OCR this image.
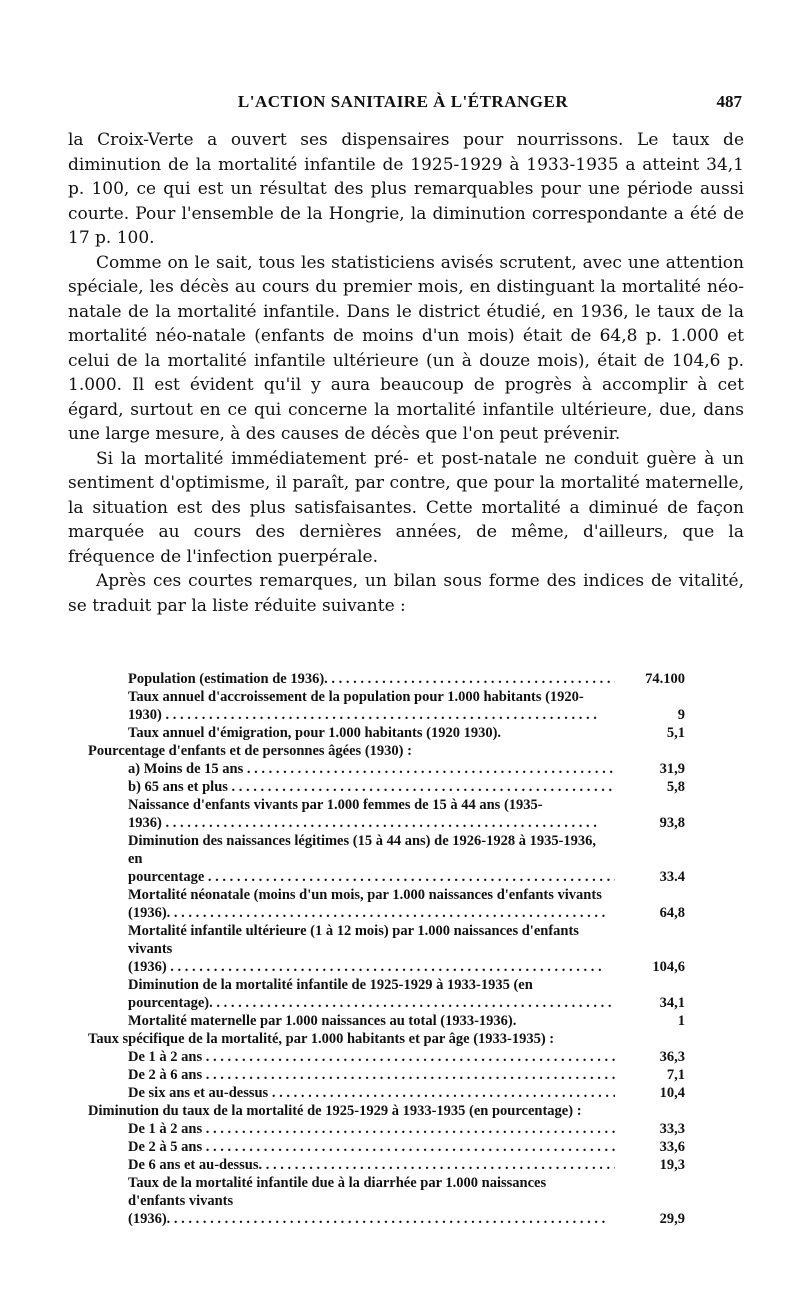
L'ACTION SANITAIRE À L'ÉTRANGER	487

la Croix-Verte a ouvert ses dispensaires pour nourrissons. Le taux de diminution de la mortalité infantile de 1925-1929 à 1933-1935 a atteint 34,1 p. 100, ce qui est un résultat des plus remarquables pour une période aussi courte. Pour l'ensemble de la Hongrie, la diminution correspondante a été de 17 p. 100.

Comme on le sait, tous les statisticiens avisés scrutent, avec une attention spéciale, les décès au cours du premier mois, en distinguant la mortalité néo-natale de la mortalité infantile. Dans le district étudié, en 1936, le taux de la mortalité néo-natale (enfants de moins d'un mois) était de 64,8 p. 1.000 et celui de la mortalité infantile ultérieure (un à douze mois), était de 104,6 p. 1.000. Il est évident qu'il y aura beaucoup de progrès à accomplir à cet égard, surtout en ce qui concerne la mortalité infantile ultérieure, due, dans une large mesure, à des causes de décès que l'on peut prévenir.

Si la mortalité immédiatement pré- et post-natale ne conduit guère à un sentiment d'optimisme, il paraît, par contre, que pour la mortalité maternelle, la situation est des plus satisfaisantes. Cette mortalité a diminué de façon marquée au cours des dernières années, de même, d'ailleurs, que la fréquence de l'infection puerpérale.

Après ces courtes remarques, un bilan sous forme des indices de vitalité, se traduit par la liste réduite suivante :

Population (estimation de 1936). . . .	74.100
Taux annuel d'accroissement de la population pour 1.000 habitants (1920-1930) . . .	9
Taux annuel d'émigration, pour 1.000 habitants (1920 1930).	5,1
Pourcentage d'enfants et de personnes âgées (1930) :
a) Moins de 15 ans . . .	31,9
b) 65 ans et plus . . .	5,8
Naissance d'enfants vivants par 1.000 femmes de 15 à 44 ans (1935-1936) . . .	93,8
Diminution des naissances légitimes (15 à 44 ans) de 1926-1928 à 1935-1936, en pourcentage . . .	33.4
Mortalité néonatale (moins d'un mois, par 1.000 naissances d'enfants vivants (1936). . . .	64,8
Mortalité infantile ultérieure (1 à 12 mois) par 1.000 naissances d'enfants vivants (1936) . . .	104,6
Diminution de la mortalité infantile de 1925-1929 à 1933-1935 (en pourcentage). . . .	34,1
Mortalité maternelle par 1.000 naissances au total (1933-1936).	1
Taux spécifique de la mortalité, par 1.000 habitants et par âge (1933-1935) :
De 1 à 2 ans . . .	36,3
De 2 à 6 ans . . .	7,1
De six ans et au-dessus . . .	10,4
Diminution du taux de la mortalité de 1925-1929 à 1933-1935 (en pourcentage) :
De 1 à 2 ans . . .	33,3
De 2 à 5 ans . . .	33,6
De 6 ans et au-dessus. . . .	19,3
Taux de la mortalité infantile due à la diarrhée par 1.000 naissances d'enfants vivants (1936). . . .	29,9
